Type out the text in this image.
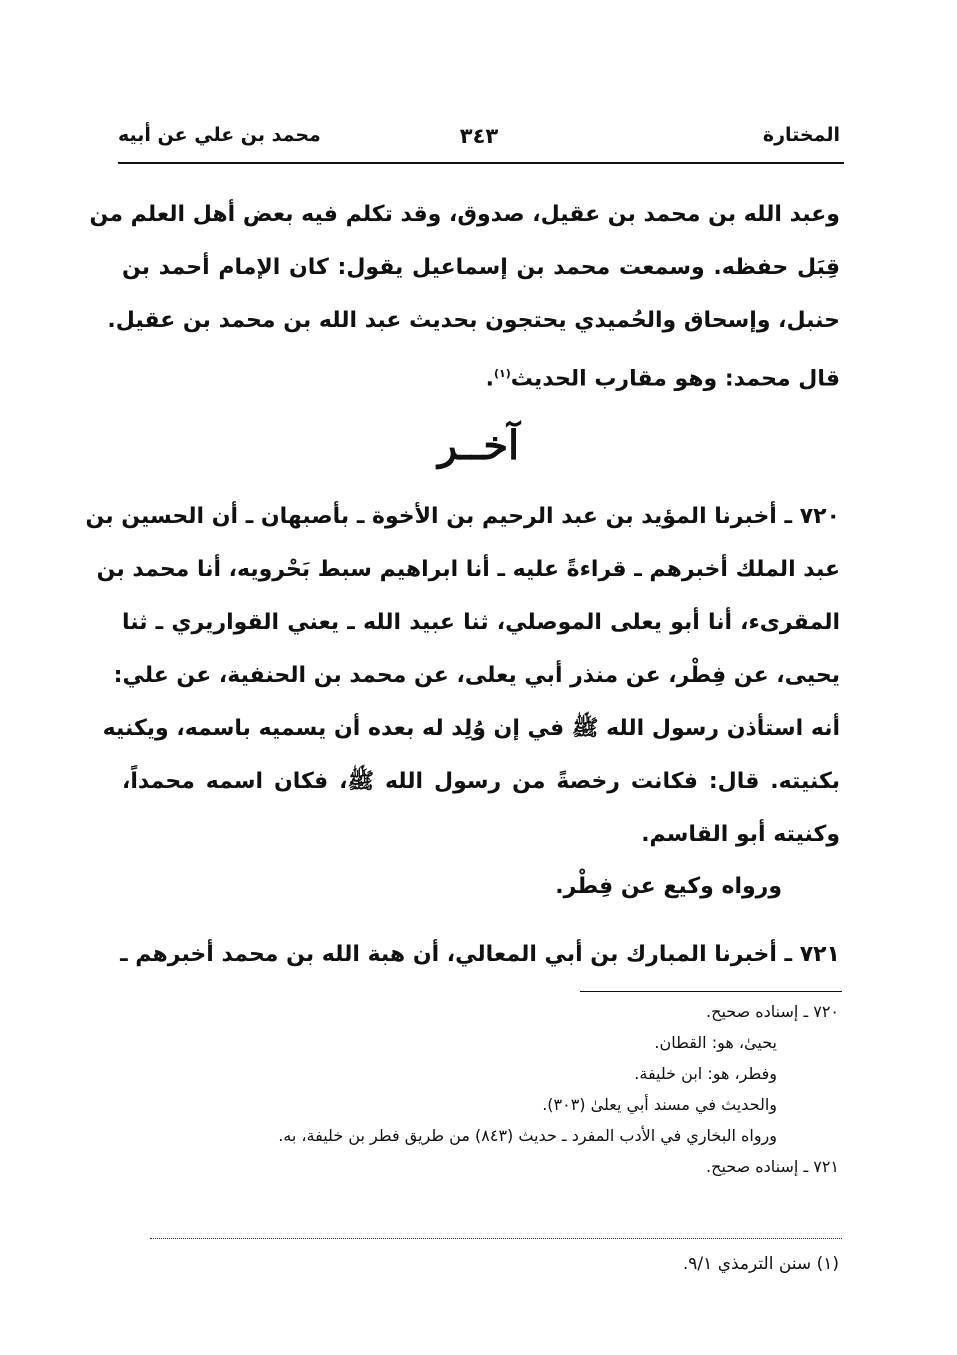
المختارة
٣٤٣
محمد بن علي عن أبيه
وعبد الله بن محمد بن عقيل، صدوق، وقد تكلم فيه بعض أهل العلم من
قِبَل حفظه. وسمعت محمد بن إسماعيل يقول: كان الإمام أحمد بن
حنبل، وإسحاق والحُميدي يحتجون بحديث عبد الله بن محمد بن عقيل.
قال محمد: وهو مقارب الحديث$^{(١)}$.
آخــر
٧٢٠ ـ أخبرنا المؤيد بن عبد الرحيم بن الأخوة ـ بأصبهان ـ أن الحسين بن
عبد الملك أخبرهم ـ قراءةً عليه ـ أنا ابراهيم سبط بَحْرويه، أنا محمد بن
المقرىء، أنا أبو يعلى الموصلي، ثنا عبيد الله ـ يعني القواريري ـ ثنا
يحيى، عن فِطْر، عن منذر أبي يعلى، عن محمد بن الحنفية، عن علي:
أنه استأذن رسول الله ﷺ في إن وُلِد له بعده أن يسميه باسمه، ويكنيه
بكنيته. قال: فكانت رخصةً من رسول الله ﷺ، فكان اسمه محمداً،
وكنيته أبو القاسم.
ورواه وكيع عن فِطْر.
٧٢١ ـ أخبرنا المبارك بن أبي المعالي، أن هبة الله بن محمد أخبرهم ـ
٧٢٠ ـ إسناده صحيح.
يحيىٰ، هو: القطان.
وفطر، هو: ابن خليفة.
والحديث في مسند أبي يعلىٰ (٣٠٣).
ورواه البخاري في الأدب المفرد ـ حديث (٨٤٣) من طريق فطر بن خليفة، به.
٧٢١ ـ إسناده صحيح.
(١) سنن الترمذي ٩/١.
